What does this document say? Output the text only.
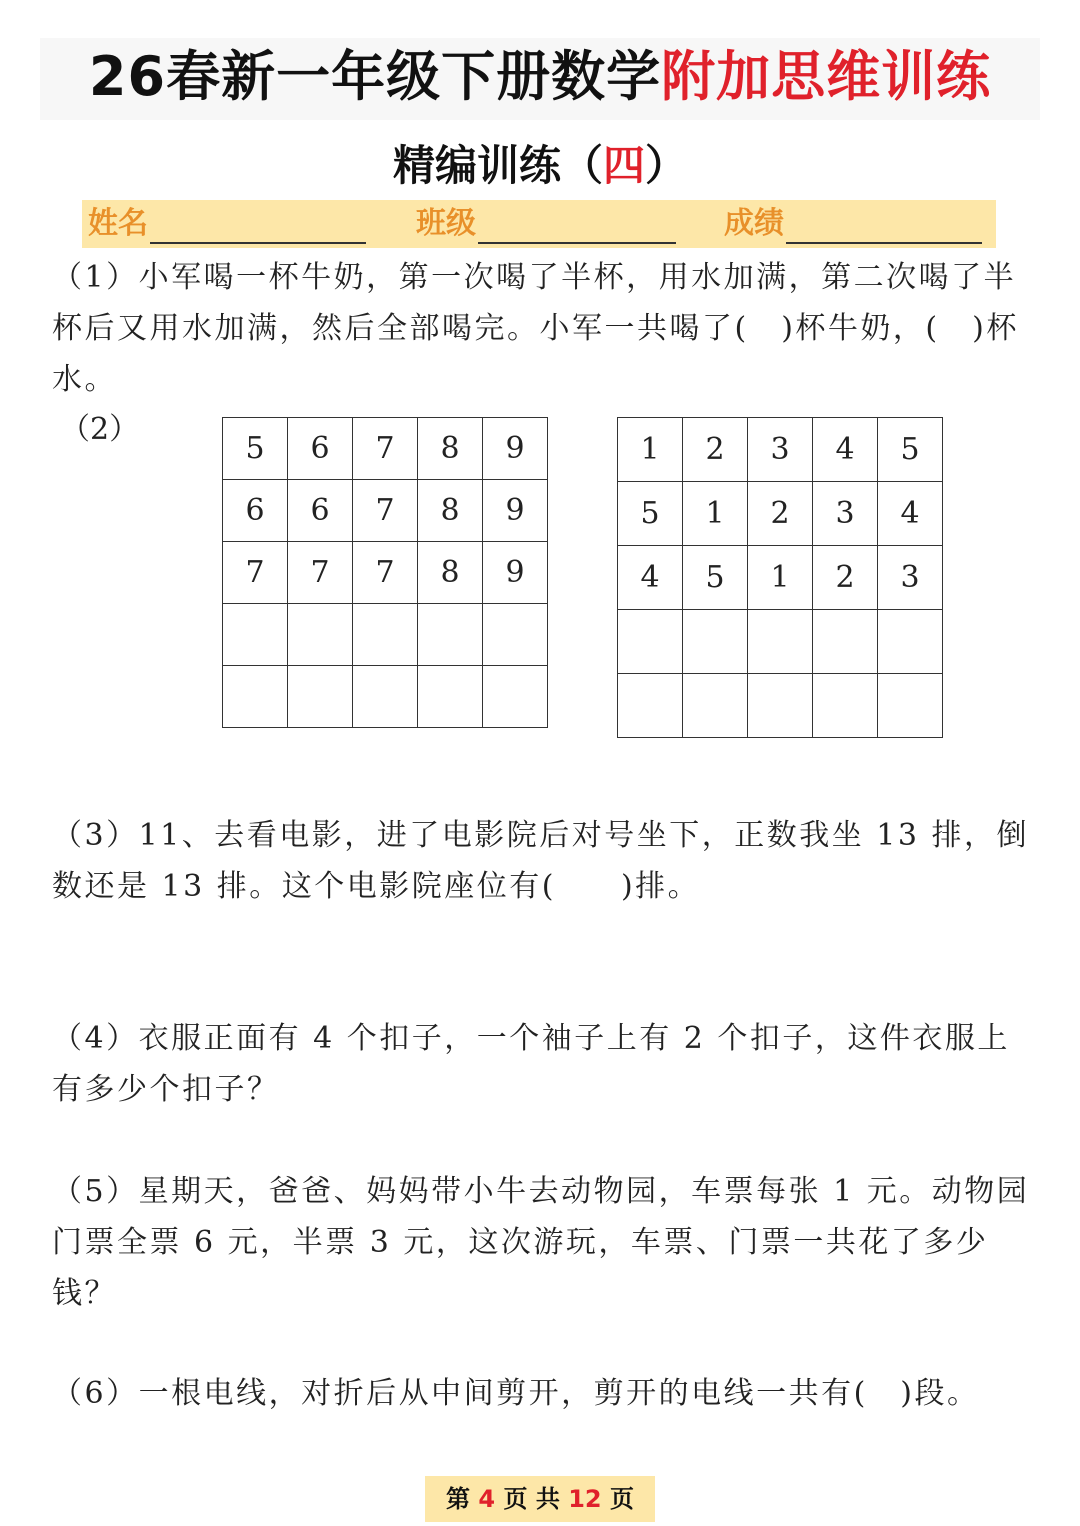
26春新一年级下册数学附加思维训练
精编训练（四）
姓名	班级	成绩
（1）小军喝一杯牛奶，第一次喝了半杯，用水加满，第二次喝了半杯后又用水加满，然后全部喝完。小军一共喝了(　)杯牛奶，(　)杯水。
（2）
5	6	7	8	9
6	6	7	8	9
7	7	7	8	9

1	2	3	4	5
5	1	2	3	4
4	5	1	2	3

（3）11、去看电影，进了电影院后对号坐下，正数我坐 13 排，倒数还是 13 排。这个电影院座位有(　　)排。
（4）衣服正面有 4 个扣子，一个袖子上有 2 个扣子，这件衣服上有多少个扣子？
（5）星期天，爸爸、妈妈带小牛去动物园，车票每张 1 元。动物园门票全票 6 元，半票 3 元，这次游玩，车票、门票一共花了多少钱？
（6）一根电线，对折后从中间剪开，剪开的电线一共有(　)段。
第 4 页 共 12 页
